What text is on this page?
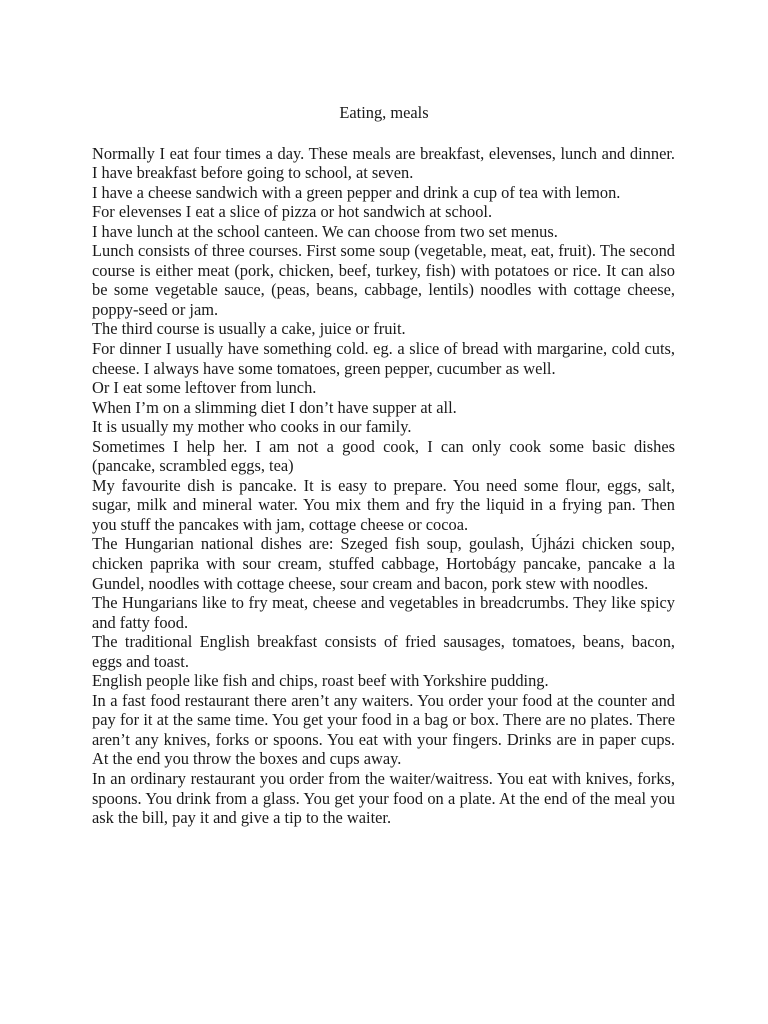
Eating, meals

Normally I eat four times a day. These meals are breakfast, elevenses, lunch and dinner. I have breakfast before going to school, at seven.

I have a cheese sandwich with a green pepper and drink a cup of tea with lemon.

For elevenses I eat a slice of pizza or hot sandwich at school.

I have lunch at the school canteen. We can choose from two set menus.

Lunch consists of three courses. First some soup (vegetable, meat, eat, fruit). The second course is either meat (pork, chicken, beef, turkey, fish) with potatoes or rice. It can also be some vegetable sauce, (peas, beans, cabbage, lentils) noodles with cottage cheese, poppy-seed or jam.

The third course is usually a cake, juice or fruit.

For dinner I usually have something cold. eg. a slice of bread with margarine, cold cuts, cheese. I always have some tomatoes, green pepper, cucumber as well.

Or I eat some leftover from lunch.

When I’m on a slimming diet I don’t have supper at all.

It is usually my mother who cooks in our family.

Sometimes I help her. I am not a good cook, I can only cook some basic dishes (pancake, scrambled eggs, tea)

My favourite dish is pancake. It is easy to prepare. You need some flour, eggs, salt, sugar, milk and mineral water. You mix them and fry the liquid in a frying pan. Then you stuff the pancakes with jam, cottage cheese or cocoa.

The Hungarian national dishes are: Szeged fish soup, goulash, Újházi chicken soup, chicken paprika with sour cream, stuffed cabbage, Hortobágy pancake, pancake a la Gundel, noodles with cottage cheese, sour cream and bacon, pork stew with noodles.

The Hungarians like to fry meat, cheese and vegetables in breadcrumbs. They like spicy and fatty food.

The traditional English breakfast consists of fried sausages, tomatoes, beans, bacon, eggs and toast.

English people like fish and chips, roast beef with Yorkshire pudding.

In a fast food restaurant there aren’t any waiters. You order your food at the counter and pay for it at the same time. You get your food in a bag or box. There are no plates. There aren’t any knives, forks or spoons. You eat with your fingers. Drinks are in paper cups. At the end you throw the boxes and cups away.

In an ordinary restaurant you order from the waiter/waitress. You eat with knives, forks, spoons. You drink from a glass. You get your food on a plate. At the end of the meal you ask the bill, pay it and give a tip to the waiter.
